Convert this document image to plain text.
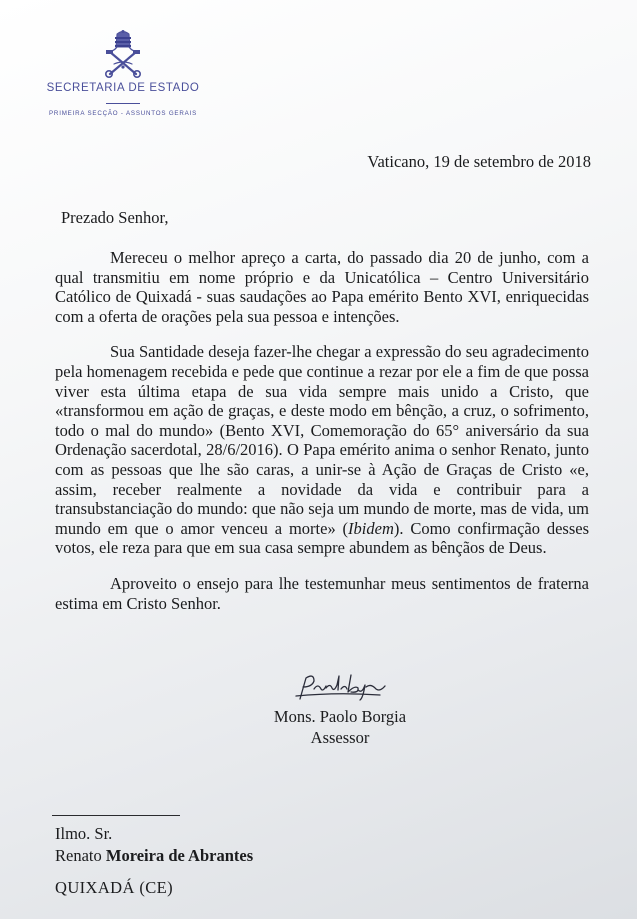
SECRETARIA DE ESTADO
PRIMEIRA SECÇÃO - ASSUNTOS GERAIS
Vaticano, 19 de setembro de 2018
Prezado Senhor,

Mereceu o melhor apreço a carta, do passado dia 20 de junho, com a qual transmitiu em nome próprio e da Unicatólica – Centro Universitário Católico de Quixadá - suas saudações ao Papa emérito Bento XVI, enriquecidas com a oferta de orações pela sua pessoa e intenções.

Sua Santidade deseja fazer-lhe chegar a expressão do seu agradecimento pela homenagem recebida e pede que continue a rezar por ele a fim de que possa viver esta última etapa de sua vida sempre mais unido a Cristo, que «transformou em ação de graças, e deste modo em bênção, a cruz, o sofrimento, todo o mal do mundo» (Bento XVI, Comemoração do 65° aniversário da sua Ordenação sacerdotal, 28/6/2016). O Papa emérito anima o senhor Renato, junto com as pessoas que lhe são caras, a unir-se à Ação de Graças de Cristo «e, assim, receber realmente a novidade da vida e contribuir para a transubstanciação do mundo: que não seja um mundo de morte, mas de vida, um mundo em que o amor venceu a morte» (Ibidem). Como confirmação desses votos, ele reza para que em sua casa sempre abundem as bênçãos de Deus.

Aproveito o ensejo para lhe testemunhar meus sentimentos de fraterna estima em Cristo Senhor.

Mons. Paolo Borgia
Assessor
Ilmo. Sr.
Renato Moreira de Abrantes
QUIXADÁ (CE)
